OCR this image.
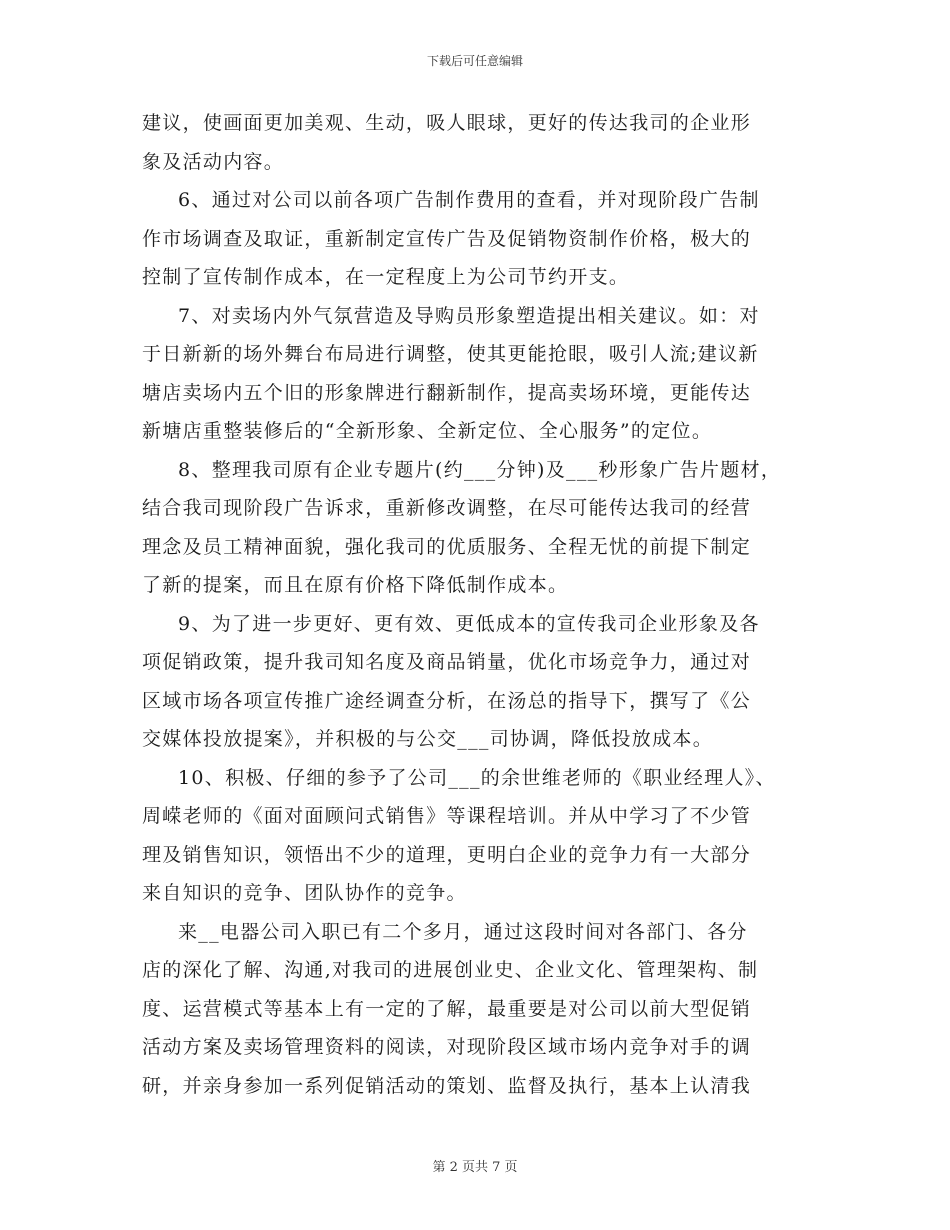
下载后可任意编辑
建议，使画面更加美观、生动，吸人眼球，更好的传达我司的企业形
象及活动内容。
6、通过对公司以前各项广告制作费用的查看，并对现阶段广告制
作市场调查及取证，重新制定宣传广告及促销物资制作价格，极大的
控制了宣传制作成本，在一定程度上为公司节约开支。
7、对卖场内外气氛营造及导购员形象塑造提出相关建议。如：对
于日新新的场外舞台布局进行调整，使其更能抢眼，吸引人流;建议新
塘店卖场内五个旧的形象牌进行翻新制作，提高卖场环境，更能传达
新塘店重整装修后的“全新形象、全新定位、全心服务”的定位。
8、整理我司原有企业专题片(约___分钟)及___秒形象广告片题材，
结合我司现阶段广告诉求，重新修改调整，在尽可能传达我司的经营
理念及员工精神面貌，强化我司的优质服务、全程无忧的前提下制定
了新的提案，而且在原有价格下降低制作成本。
9、为了进一步更好、更有效、更低成本的宣传我司企业形象及各
项促销政策，提升我司知名度及商品销量，优化市场竞争力，通过对
区域市场各项宣传推广途经调查分析，在汤总的指导下，撰写了《公
交媒体投放提案》，并积极的与公交___司协调，降低投放成本。
10、积极、仔细的参予了公司___的余世维老师的《职业经理人》、
周嵘老师的《面对面顾问式销售》等课程培训。并从中学习了不少管
理及销售知识，领悟出不少的道理，更明白企业的竞争力有一大部分
来自知识的竞争、团队协作的竞争。
来__电器公司入职已有二个多月，通过这段时间对各部门、各分
店的深化了解、沟通,对我司的进展创业史、企业文化、管理架构、制
度、运营模式等基本上有一定的了解，最重要是对公司以前大型促销
活动方案及卖场管理资料的阅读，对现阶段区域市场内竞争对手的调
研，并亲身参加一系列促销活动的策划、监督及执行，基本上认清我
第 2 页共 7 页
